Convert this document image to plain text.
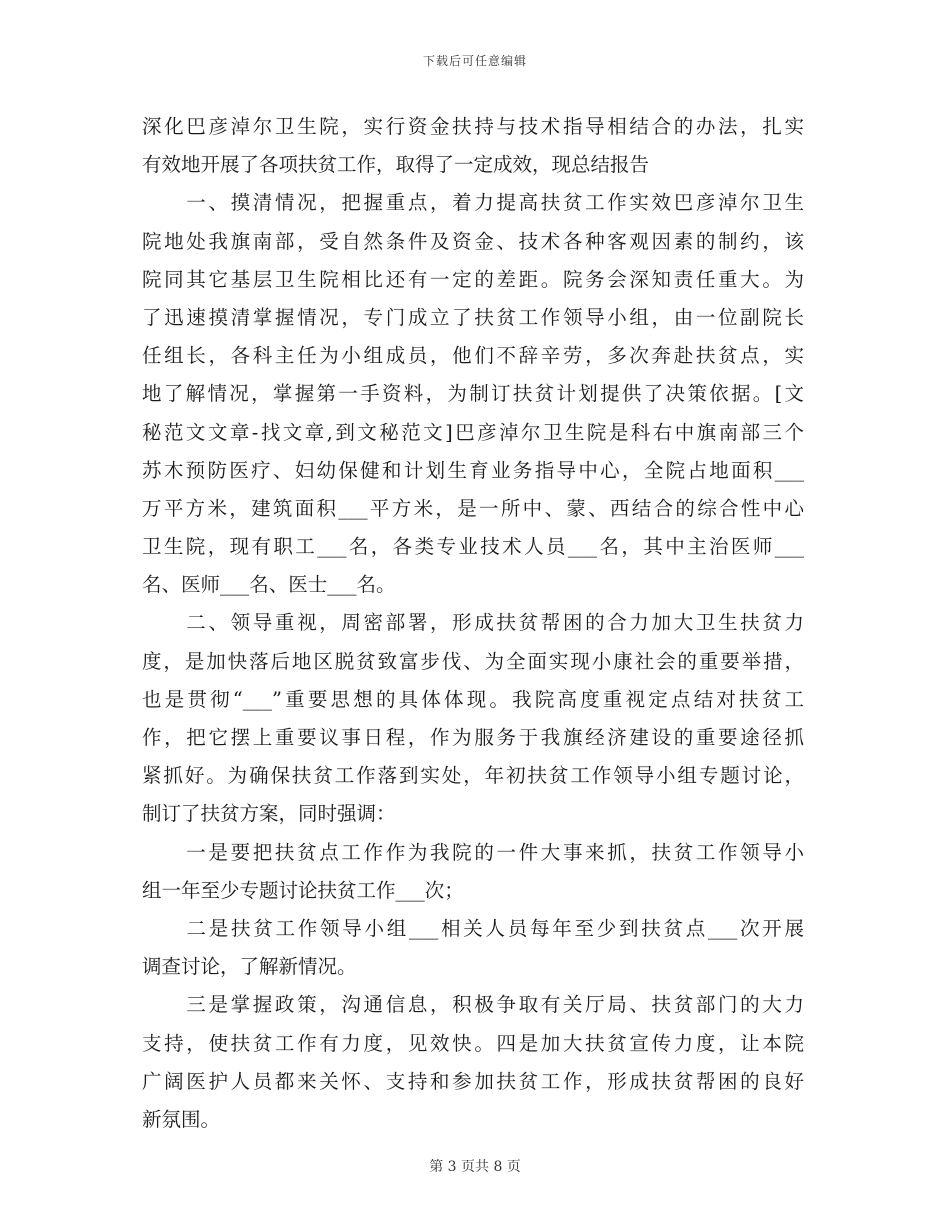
下载后可任意编辑
深化巴彦淖尔卫生院，实行资金扶持与技术指导相结合的办法，扎实
有效地开展了各项扶贫工作，取得了一定成效，现总结报告
　　一、摸清情况，把握重点，着力提高扶贫工作实效巴彦淖尔卫生
院地处我旗南部，受自然条件及资金、技术各种客观因素的制约，该
院同其它基层卫生院相比还有一定的差距。院务会深知责任重大。为
了迅速摸清掌握情况，专门成立了扶贫工作领导小组，由一位副院长
任组长，各科主任为小组成员，他们不辞辛劳，多次奔赴扶贫点，实
地了解情况，掌握第一手资料，为制订扶贫计划提供了决策依据。[文
秘范文文章-找文章,到文秘范文]巴彦淖尔卫生院是科右中旗南部三个
苏木预防医疗、妇幼保健和计划生育业务指导中心，全院占地面积___
万平方米，建筑面积___平方米，是一所中、蒙、西结合的综合性中心
卫生院，现有职工___名，各类专业技术人员___名，其中主治医师___
名、医师___名、医士___名。
　　二、领导重视，周密部署，形成扶贫帮困的合力加大卫生扶贫力
度，是加快落后地区脱贫致富步伐、为全面实现小康社会的重要举措，
也是贯彻“___”重要思想的具体体现。我院高度重视定点结对扶贫工
作，把它摆上重要议事日程，作为服务于我旗经济建设的重要途径抓
紧抓好。为确保扶贫工作落到实处，年初扶贫工作领导小组专题讨论，
制订了扶贫方案，同时强调：
　　一是要把扶贫点工作作为我院的一件大事来抓，扶贫工作领导小
组一年至少专题讨论扶贫工作___次；
　　二是扶贫工作领导小组___相关人员每年至少到扶贫点___次开展
调查讨论，了解新情况。
　　三是掌握政策，沟通信息，积极争取有关厅局、扶贫部门的大力
支持，使扶贫工作有力度，见效快。四是加大扶贫宣传力度，让本院
广阔医护人员都来关怀、支持和参加扶贫工作，形成扶贫帮困的良好
新氛围。
第 3 页共 8 页
